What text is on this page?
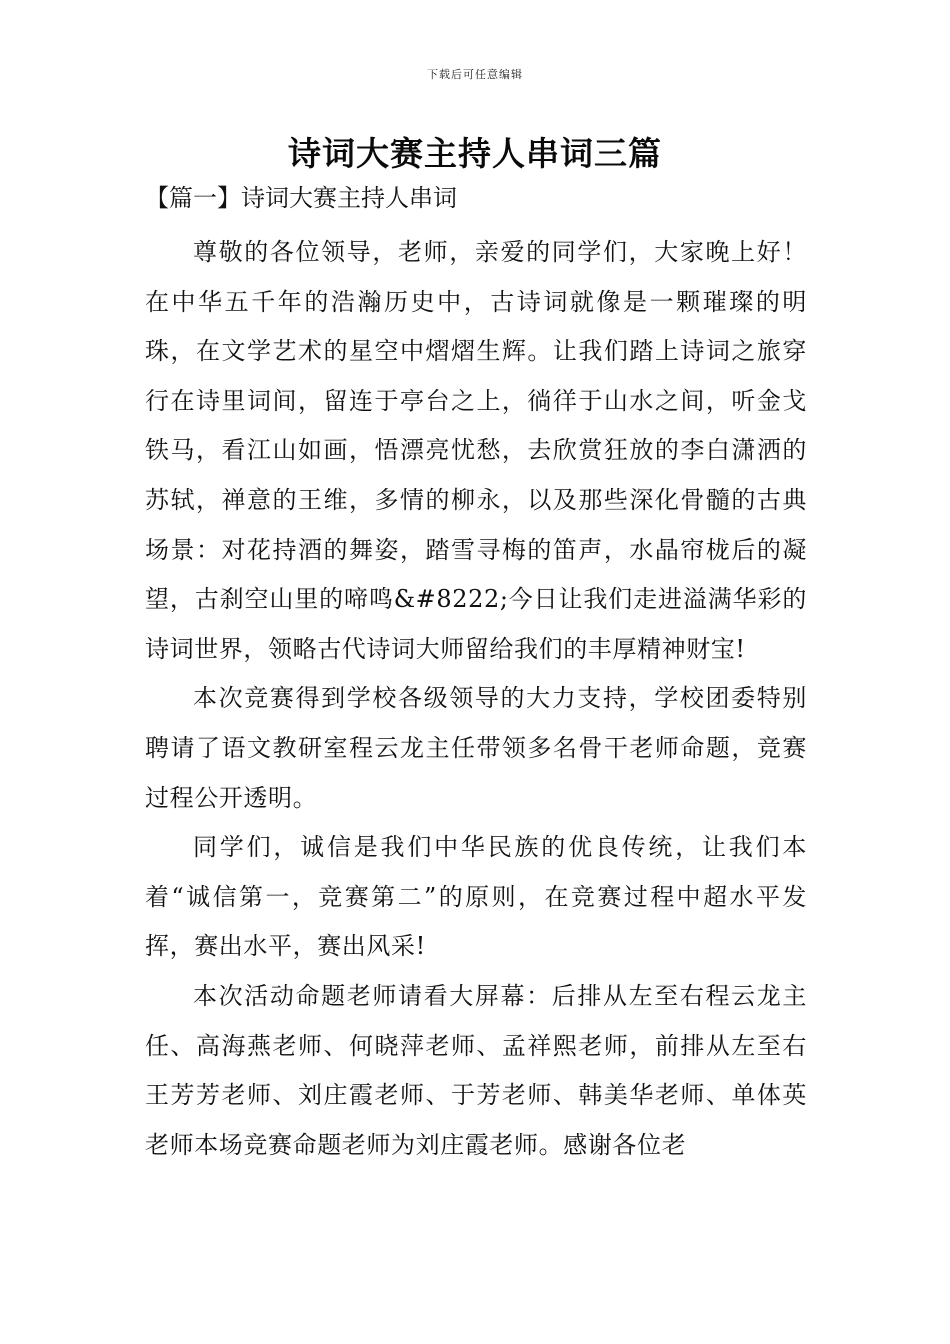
下载后可任意编辑
诗词大赛主持人串词三篇
【篇一】诗词大赛主持人串词

尊敬的各位领导，老师，亲爱的同学们，大家晚上好！在中华五千年的浩瀚历史中，古诗词就像是一颗璀璨的明珠，在文学艺术的星空中熠熠生辉。让我们踏上诗词之旅穿行在诗里词间，留连于亭台之上，徜徉于山水之间，听金戈铁马，看江山如画，悟漂亮忧愁，去欣赏狂放的李白潇洒的苏轼，禅意的王维，多情的柳永，以及那些深化骨髓的古典场景：对花持酒的舞姿，踏雪寻梅的笛声，水晶帘栊后的凝望，古刹空山里的啼鸣&#8222;今日让我们走进溢满华彩的诗词世界，领略古代诗词大师留给我们的丰厚精神财宝!

本次竞赛得到学校各级领导的大力支持，学校团委特别聘请了语文教研室程云龙主任带领多名骨干老师命题，竞赛过程公开透明。

同学们，诚信是我们中华民族的优良传统，让我们本着“诚信第一，竞赛第二”的原则，在竞赛过程中超水平发挥，赛出水平，赛出风采!

本次活动命题老师请看大屏幕：后排从左至右程云龙主任、高海燕老师、何晓萍老师、孟祥熙老师，前排从左至右王芳芳老师、刘庄霞老师、于芳老师、韩美华老师、单体英老师本场竞赛命题老师为刘庄霞老师。感谢各位老
